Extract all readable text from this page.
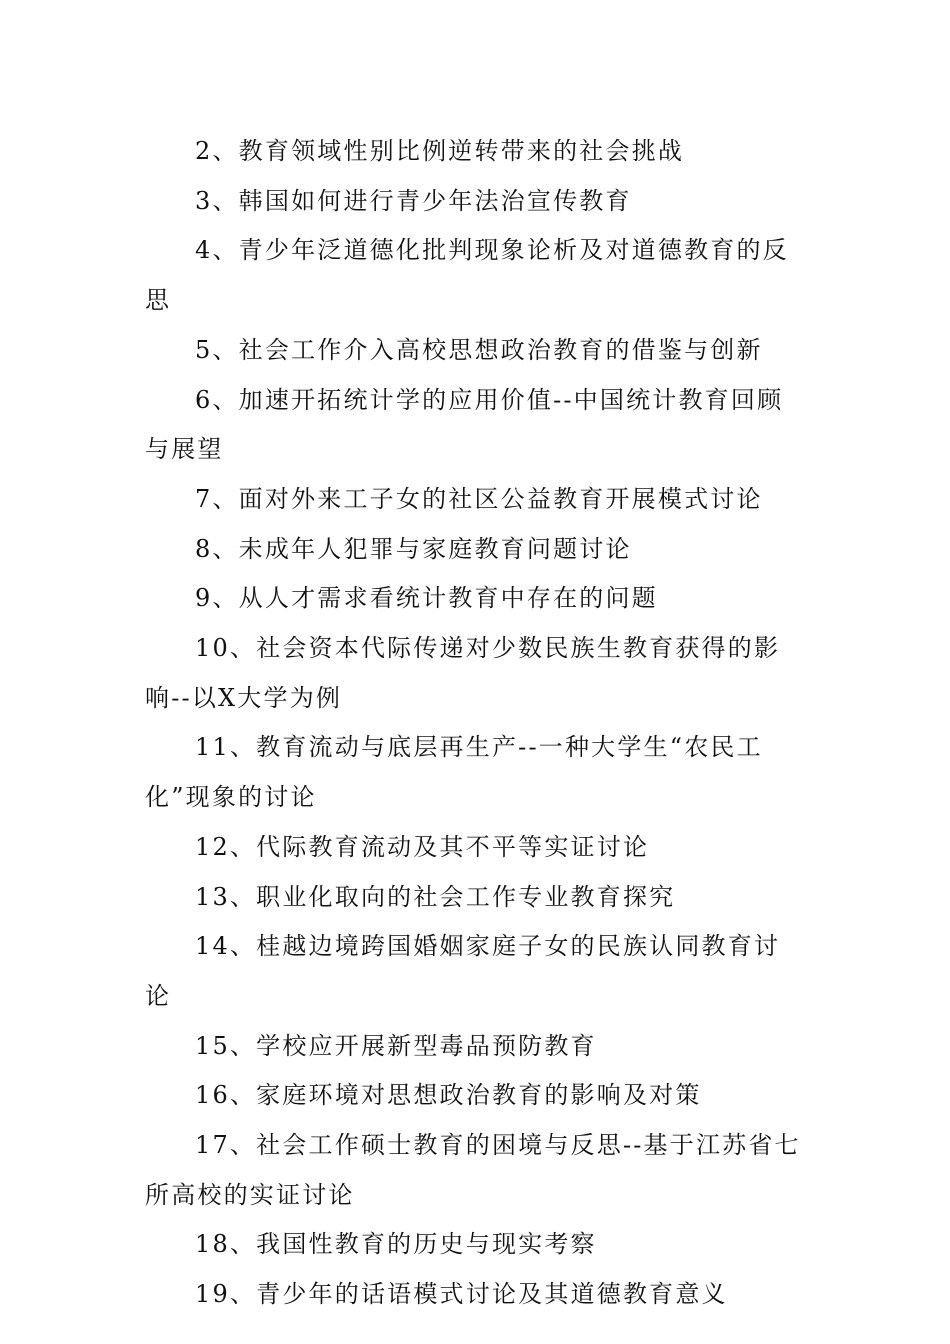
2、教育领域性别比例逆转带来的社会挑战

3、韩国如何进行青少年法治宣传教育

4、青少年泛道德化批判现象论析及对道德教育的反思

5、社会工作介入高校思想政治教育的借鉴与创新

6、加速开拓统计学的应用价值--中国统计教育回顾与展望

7、面对外来工子女的社区公益教育开展模式讨论

8、未成年人犯罪与家庭教育问题讨论

9、从人才需求看统计教育中存在的问题

10、社会资本代际传递对少数民族生教育获得的影响--以X大学为例

11、教育流动与底层再生产--一种大学生“农民工化”现象的讨论

12、代际教育流动及其不平等实证讨论

13、职业化取向的社会工作专业教育探究

14、桂越边境跨国婚姻家庭子女的民族认同教育讨论

15、学校应开展新型毒品预防教育

16、家庭环境对思想政治教育的影响及对策

17、社会工作硕士教育的困境与反思--基于江苏省七所高校的实证讨论

18、我国性教育的历史与现实考察

19、青少年的话语模式讨论及其道德教育意义
